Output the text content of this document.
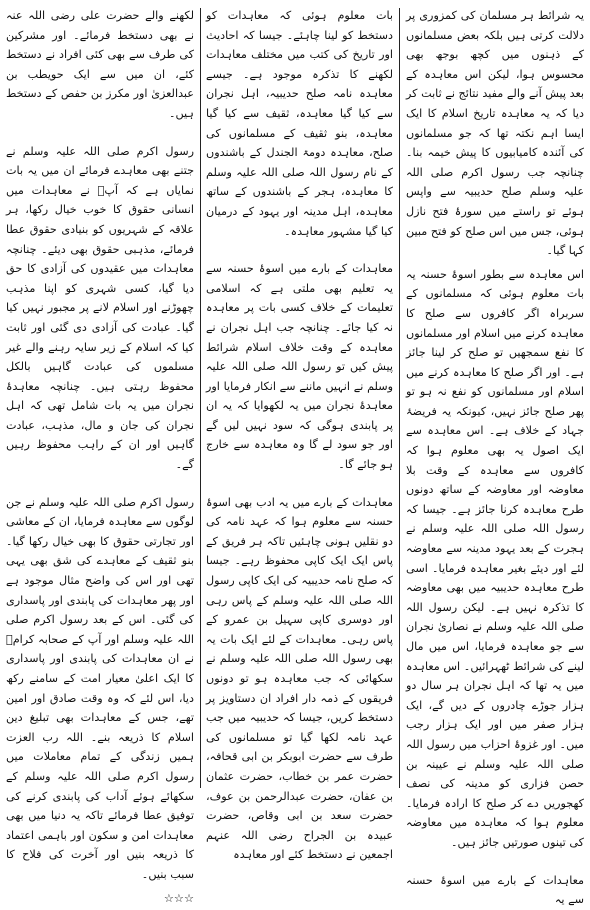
یہ شرائط ہر مسلمان کی کمزوری پر دلالت کرتی ہیں بلکہ بعض مسلمانوں کے ذہنوں میں کچھ بوجھ بھی محسوس ہوا، لیکن اس معاہدہ کے بعد پیش آنے والے مفید نتائج نے ثابت کر دیا کہ یہ معاہدہ تاریخ اسلام کا ایک ایسا اہم نکتہ تھا کہ جو مسلمانوں کی آئندہ کامیابیوں کا پیش خیمہ بنا۔ چنانچہ جب رسول اکرم صلی اللہ علیہ وسلم صلح حدیبیہ سے واپس ہوئے تو راستے میں سورۂ فتح نازل ہوئی، جس میں اس صلح کو فتح مبین کہا گیا۔

اس معاہدہ سے بطور اسوۂ حسنہ یہ بات معلوم ہوئی کہ مسلمانوں کے سربراہ اگر کافروں سے صلح کا معاہدہ کرنے میں اسلام اور مسلمانوں کا نفع سمجھیں تو صلح کر لینا جائز ہے۔ اور اگر صلح کا معاہدہ کرنے میں اسلام اور مسلمانوں کو نفع نہ ہو تو پھر صلح جائز نہیں، کیونکہ یہ فریضۂ جہاد کے خلاف ہے۔ اس معاہدہ سے ایک اصول یہ بھی معلوم ہوا کہ کافروں سے معاہدہ کے وقت بلا معاوضہ اور معاوضہ کے ساتھ دونوں طرح معاہدہ کرنا جائز ہے۔ جیسا کہ رسول اللہ صلی اللہ علیہ وسلم نے ہجرت کے بعد یہود مدینہ سے معاوضہ لئے اور دیئے بغیر معاہدہ فرمایا۔ اسی طرح معاہدہ حدیبیہ میں بھی معاوضہ کا تذکرہ نہیں ہے۔ لیکن رسول اللہ صلی اللہ علیہ وسلم نے نصاریٰ نجران سے جو معاہدہ فرمایا، اس میں مال لینے کی شرائط ٹھہرائیں۔ اس معاہدہ میں یہ تھا کہ اہل نجران ہر سال دو ہزار جوڑے چادروں کے دیں گے، ایک ہزار صفر میں اور ایک ہزار رجب میں۔ اور غزوۂ احزاب میں رسول اللہ صلی اللہ علیہ وسلم نے عیینہ بن حصن فزاری کو مدینہ کی نصف کھجوریں دے کر صلح کا ارادہ فرمایا۔ معلوم ہوا کہ معاہدہ میں معاوضہ کی تینوں صورتیں جائز ہیں۔

معاہدات کے بارے میں اسوۂ حسنہ سے یہ

بات معلوم ہوئی کہ معاہدات کو دستخط کو لینا چاہئے۔ جیسا کہ احادیث اور تاریخ کی کتب میں مختلف معاہدات لکھنے کا تذکرہ موجود ہے۔ جیسے معاہدہ نامہ صلح حدیبیہ، اہل نجران سے کیا گیا معاہدہ، ثقیف سے کیا گیا معاہدہ، بنو ثقیف کے مسلمانوں کی صلح، معاہدہ دومۃ الجندل کے باشندوں کے نام رسول اللہ صلی اللہ علیہ وسلم کا معاہدہ، ہجر کے باشندوں کے ساتھ معاہدہ، اہل مدینہ اور یہود کے درمیان کیا گیا مشہور معاہدہ۔

معاہدات کے بارے میں اسوۂ حسنہ سے یہ تعلیم بھی ملتی ہے کہ اسلامی تعلیمات کے خلاف کسی بات پر معاہدہ نہ کیا جائے۔ چنانچہ جب اہل نجران نے معاہدہ کے وقت خلاف اسلام شرائط پیش کیں تو رسول اللہ صلی اللہ علیہ وسلم نے انہیں ماننے سے انکار فرمایا اور معاہدۂ نجران میں یہ لکھوایا کہ یہ ان پر پابندی ہوگی کہ سود نہیں لیں گے اور جو سود لے گا وہ معاہدہ سے خارج ہو جائے گا۔

معاہدات کے بارے میں یہ ادب بھی اسوۂ حسنہ سے معلوم ہوا کہ عہد نامہ کی دو نقلیں ہونی چاہئیں تاکہ ہر فریق کے پاس ایک ایک کاپی محفوظ رہے۔ جیسا کہ صلح نامہ حدیبیہ کی ایک کاپی رسول اللہ صلی اللہ علیہ وسلم کے پاس رہی اور دوسری کاپی سہیل بن عمرو کے پاس رہی۔ معاہدات کے لئے ایک بات یہ بھی رسول اللہ صلی اللہ علیہ وسلم نے سکھائی کہ جب معاہدہ ہو تو دونوں فریقوں کے ذمہ دار افراد ان دستاویز پر دستخط کریں، جیسا کہ حدیبیہ میں جب عہد نامہ لکھا گیا تو مسلمانوں کی طرف سے حضرت ابوبکر بن ابی قحافہ، حضرت عمر بن خطاب، حضرت عثمان بن عفان، حضرت عبدالرحمن بن عوف، حضرت سعد بن ابی وقاص، حضرت عبیدہ بن الجراح رضی اللہ عنہم اجمعین نے دستخط کئے اور معاہدہ

لکھنے والے حضرت علی رضی اللہ عنہ نے بھی دستخط فرمائے۔ اور مشرکین کی طرف سے بھی کئی افراد نے دستخط کئے، ان میں سے ایک حویطب بن عبدالعزیٰ اور مکرز بن حفص کے دستخط ہیں۔

رسول اکرم صلی اللہ علیہ وسلم نے جتنے بھی معاہدے فرمائے ان میں یہ بات نمایاں ہے کہ آپؐ نے معاہدات میں انسانی حقوق کا خوب خیال رکھا، ہر علاقہ کے شہریوں کو بنیادی حقوق عطا فرمائے، مذہبی حقوق بھی دیئے۔ چنانچہ معاہدات میں عقیدوں کی آزادی کا حق دیا گیا، کسی شہری کو اپنا مذہب چھوڑنے اور اسلام لانے پر مجبور نہیں کیا گیا۔ عبادت کی آزادی دی گئی اور ثابت کیا کہ اسلام کے زیر سایہ رہنے والے غیر مسلموں کی عبادت گاہیں بالکل محفوظ رہتی ہیں۔ چنانچہ معاہدۂ نجران میں یہ بات شامل تھی کہ اہل نجران کی جان و مال، مذہب، عبادت گاہیں اور ان کے راہب محفوظ رہیں گے۔

رسول اکرم صلی اللہ علیہ وسلم نے جن لوگوں سے معاہدہ فرمایا، ان کے معاشی اور تجارتی حقوق کا بھی خیال رکھا گیا۔ بنو ثقیف کے معاہدے کی شق بھی یہی تھی اور اس کی واضح مثال موجود ہے اور پھر معاہدات کی پابندی اور پاسداری کی گئی۔ اس کے بعد رسول اکرم صلی اللہ علیہ وسلم اور آپ کے صحابہ کرامؓ نے ان معاہدات کی پابندی اور پاسداری کا ایک اعلیٰ معیار امت کے سامنے رکھ دیا، اس لئے کہ وہ وقت صادق اور امین تھے، جس کے معاہدات بھی تبلیغ دین اسلام کا ذریعہ بنے۔ اللہ رب العزت ہمیں زندگی کے تمام معاملات میں رسول اکرم صلی اللہ علیہ وسلم کے سکھائے ہوئے آداب کی پابندی کرنے کی توفیق عطا فرمائے تاکہ یہ دنیا میں بھی معاہدات امن و سکون اور باہمی اعتماد کا ذریعہ بنیں اور آخرت کی فلاح کا سبب بنیں۔

☆☆☆
